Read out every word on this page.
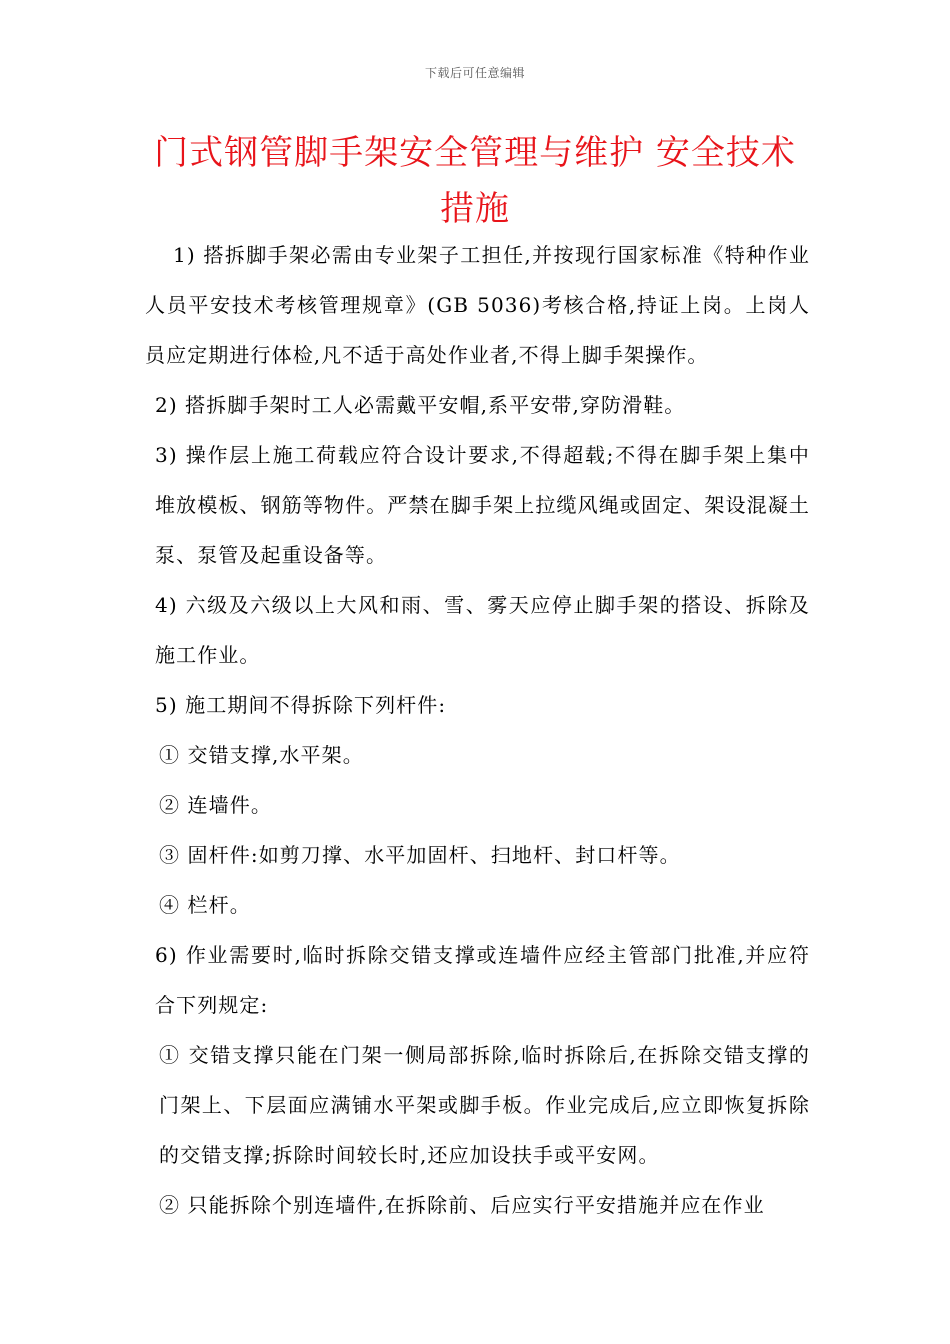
下载后可任意编辑
门式钢管脚手架安全管理与维护 安全技术措施

1) 搭拆脚手架必需由专业架子工担任,并按现行国家标准《特种作业人员平安技术考核管理规章》(GB 5036)考核合格,持证上岗。上岗人员应定期进行体检,凡不适于高处作业者,不得上脚手架操作。

2) 搭拆脚手架时工人必需戴平安帽,系平安带,穿防滑鞋。

3) 操作层上施工荷载应符合设计要求,不得超载;不得在脚手架上集中堆放模板、钢筋等物件。严禁在脚手架上拉缆风绳或固定、架设混凝土泵、泵管及起重设备等。

4) 六级及六级以上大风和雨、雪、雾天应停止脚手架的搭设、拆除及施工作业。

5) 施工期间不得拆除下列杆件:

① 交错支撑,水平架。

② 连墙件。

③ 固杆件:如剪刀撑、水平加固杆、扫地杆、封口杆等。

④ 栏杆。

6) 作业需要时,临时拆除交错支撑或连墙件应经主管部门批准,并应符合下列规定:

① 交错支撑只能在门架一侧局部拆除,临时拆除后,在拆除交错支撑的门架上、下层面应满铺水平架或脚手板。作业完成后,应立即恢复拆除的交错支撑;拆除时间较长时,还应加设扶手或平安网。

② 只能拆除个别连墙件,在拆除前、后应实行平安措施并应在作业
